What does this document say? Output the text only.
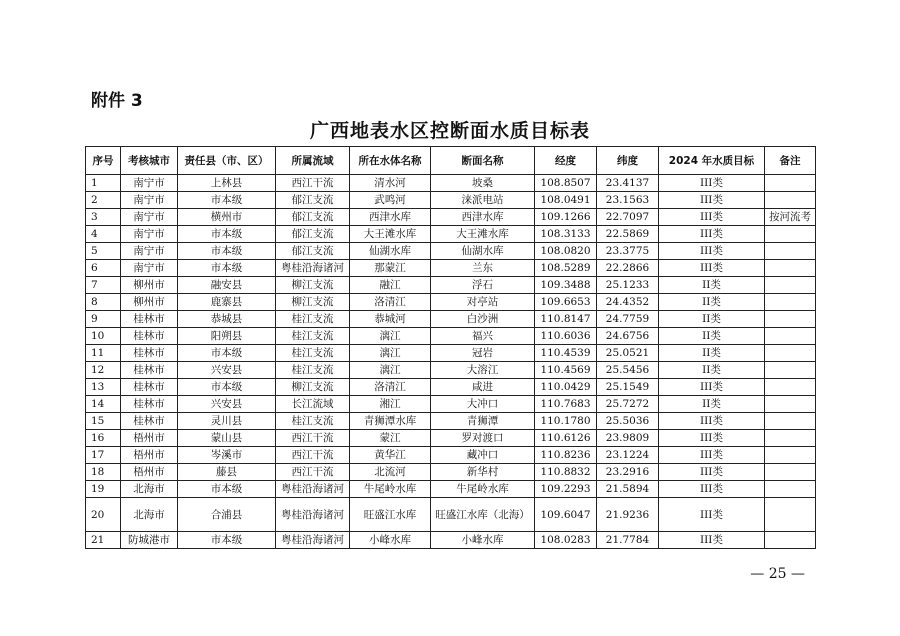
附件 3
广西地表水区控断面水质目标表
序号	考核城市	责任县（市、区）	所属流域	所在水体名称	断面名称	经度	纬度	2024 年水质目标	备注
1	南宁市	上林县	西江干流	清水河	坡桑	108.8507	23.4137	III类	
2	南宁市	市本级	郁江支流	武鸣河	涞派电站	108.0491	23.1563	III类	
3	南宁市	横州市	郁江支流	西津水库	西津水库	109.1266	22.7097	III类	按河流考
4	南宁市	市本级	郁江支流	大王滩水库	大王滩水库	108.3133	22.5869	III类	
5	南宁市	市本级	郁江支流	仙湖水库	仙湖水库	108.0820	23.3775	III类	
6	南宁市	市本级	粤桂沿海诸河	那蒙江	兰东	108.5289	22.2866	III类	
7	柳州市	融安县	柳江支流	融江	浮石	109.3488	25.1233	II类	
8	柳州市	鹿寨县	柳江支流	洛清江	对亭站	109.6653	24.4352	II类	
9	桂林市	恭城县	桂江支流	恭城河	白沙洲	110.8147	24.7759	II类	
10	桂林市	阳朔县	桂江支流	漓江	福兴	110.6036	24.6756	II类	
11	桂林市	市本级	桂江支流	漓江	冠岩	110.4539	25.0521	II类	
12	桂林市	兴安县	桂江支流	漓江	大溶江	110.4569	25.5456	II类	
13	桂林市	市本级	柳江支流	洛清江	咸进	110.0429	25.1549	III类	
14	桂林市	兴安县	长江流域	湘江	大冲口	110.7683	25.7272	II类	
15	桂林市	灵川县	桂江支流	青狮潭水库	青狮潭	110.1780	25.5036	III类	
16	梧州市	蒙山县	西江干流	蒙江	罗对渡口	110.6126	23.9809	III类	
17	梧州市	岑溪市	西江干流	黄华江	藏冲口	110.8236	23.1224	III类	
18	梧州市	藤县	西江干流	北流河	新华村	110.8832	23.2916	III类	
19	北海市	市本级	粤桂沿海诸河	牛尾岭水库	牛尾岭水库	109.2293	21.5894	III类	
20	北海市	合浦县	粤桂沿海诸河	旺盛江水库	旺盛江水库（北海）	109.6047	21.9236	III类	
21	防城港市	市本级	粤桂沿海诸河	小峰水库	小峰水库	108.0283	21.7784	III类	
— 25 —
